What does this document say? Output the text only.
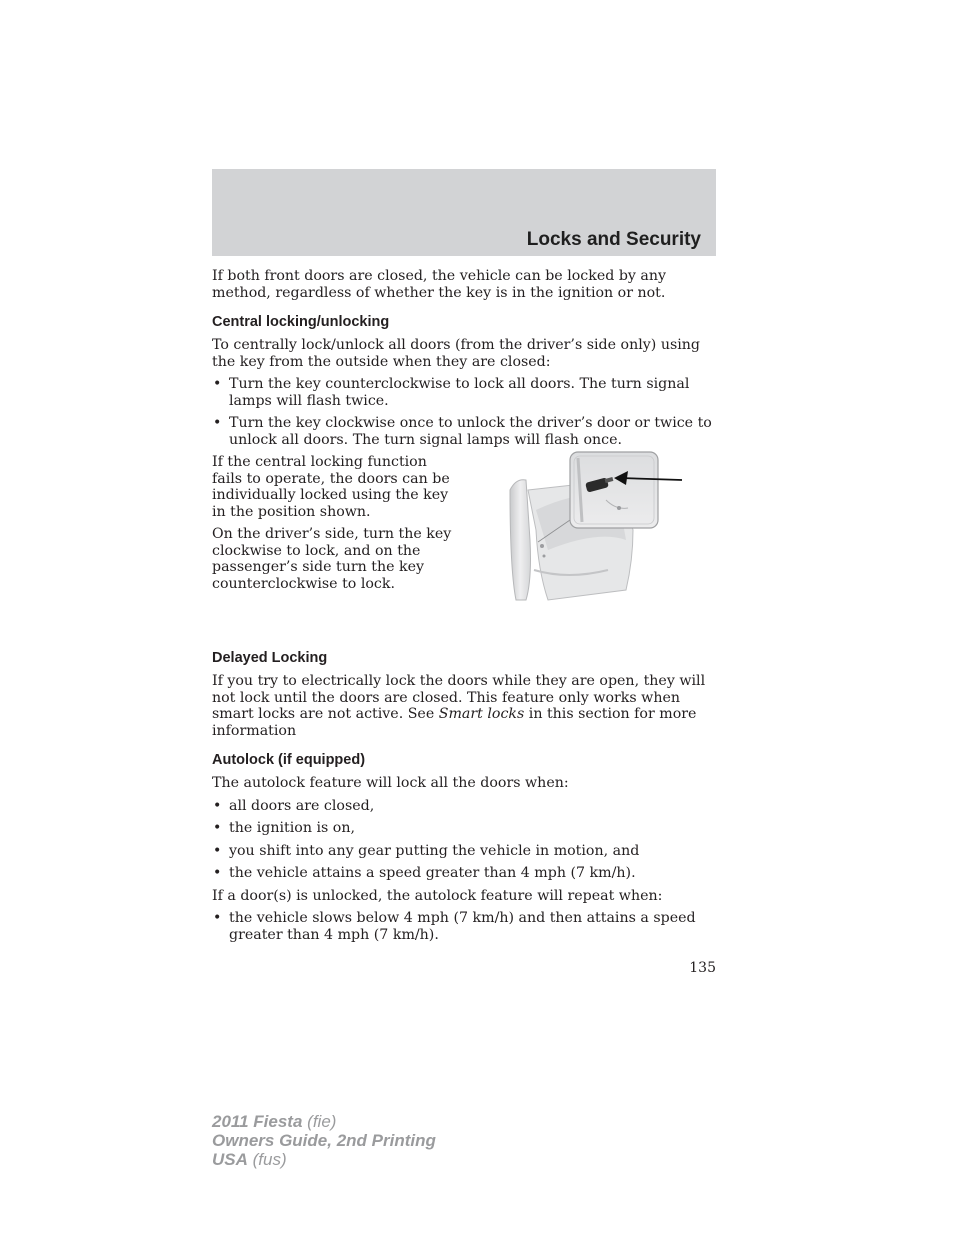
Locks and Security

If both front doors are closed, the vehicle can be locked by any method, regardless of whether the key is in the ignition or not.

Central locking/unlocking

To centrally lock/unlock all doors (from the driver’s side only) using the key from the outside when they are closed:

• Turn the key counterclockwise to lock all doors. The turn signal lamps will flash twice.
• Turn the key clockwise once to unlock the driver’s door or twice to unlock all doors. The turn signal lamps will flash once.

If the central locking function fails to operate, the doors can be individually locked using the key in the position shown.

On the driver’s side, turn the key clockwise to lock, and on the passenger’s side turn the key counterclockwise to lock.

Delayed Locking

If you try to electrically lock the doors while they are open, they will not lock until the doors are closed. This feature only works when smart locks are not active. See Smart locks in this section for more information

Autolock (if equipped)

The autolock feature will lock all the doors when:

• all doors are closed,
• the ignition is on,
• you shift into any gear putting the vehicle in motion, and
• the vehicle attains a speed greater than 4 mph (7 km/h).

If a door(s) is unlocked, the autolock feature will repeat when:

• the vehicle slows below 4 mph (7 km/h) and then attains a speed greater than 4 mph (7 km/h).
135
2011 Fiesta (fie)
Owners Guide, 2nd Printing
USA (fus)
